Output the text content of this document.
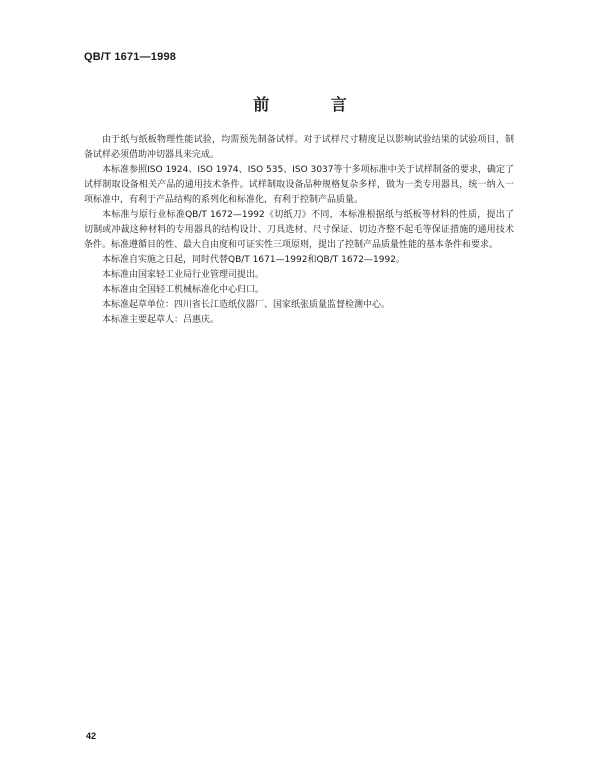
QB/T 1671—1998
前 言

由于纸与纸板物理性能试验，均需预先制备试样。对于试样尺寸精度足以影响试验结果的试验项目，制备试样必须借助冲切器具来完成。

本标准参照ISO 1924、ISO 1974、ISO 535、ISO 3037等十多项标准中关于试样制备的要求，确定了试样制取设备相关产品的通用技术条件。试样制取设备品种规格复杂多样，做为一类专用器具，统一纳入一项标准中，有利于产品结构的系列化和标准化，有利于控制产品质量。

本标准与原行业标准QB/T 1672—1992《切纸刀》不同，本标准根据纸与纸板等材料的性质，提出了切制或冲裁这种材料的专用器具的结构设计、刀具选材、尺寸保证、切边齐整不起毛等保证措施的通用技术条件。标准遵循目的性、最大自由度和可证实性三项原则，提出了控制产品质量性能的基本条件和要求。

本标准自实施之日起，同时代替QB/T 1671—1992和QB/T 1672—1992。

本标准由国家轻工业局行业管理司提出。

本标准由全国轻工机械标准化中心归口。

本标准起草单位：四川省长江造纸仪器厂、国家纸张质量监督检测中心。

本标准主要起草人：吕惠庆。

42
